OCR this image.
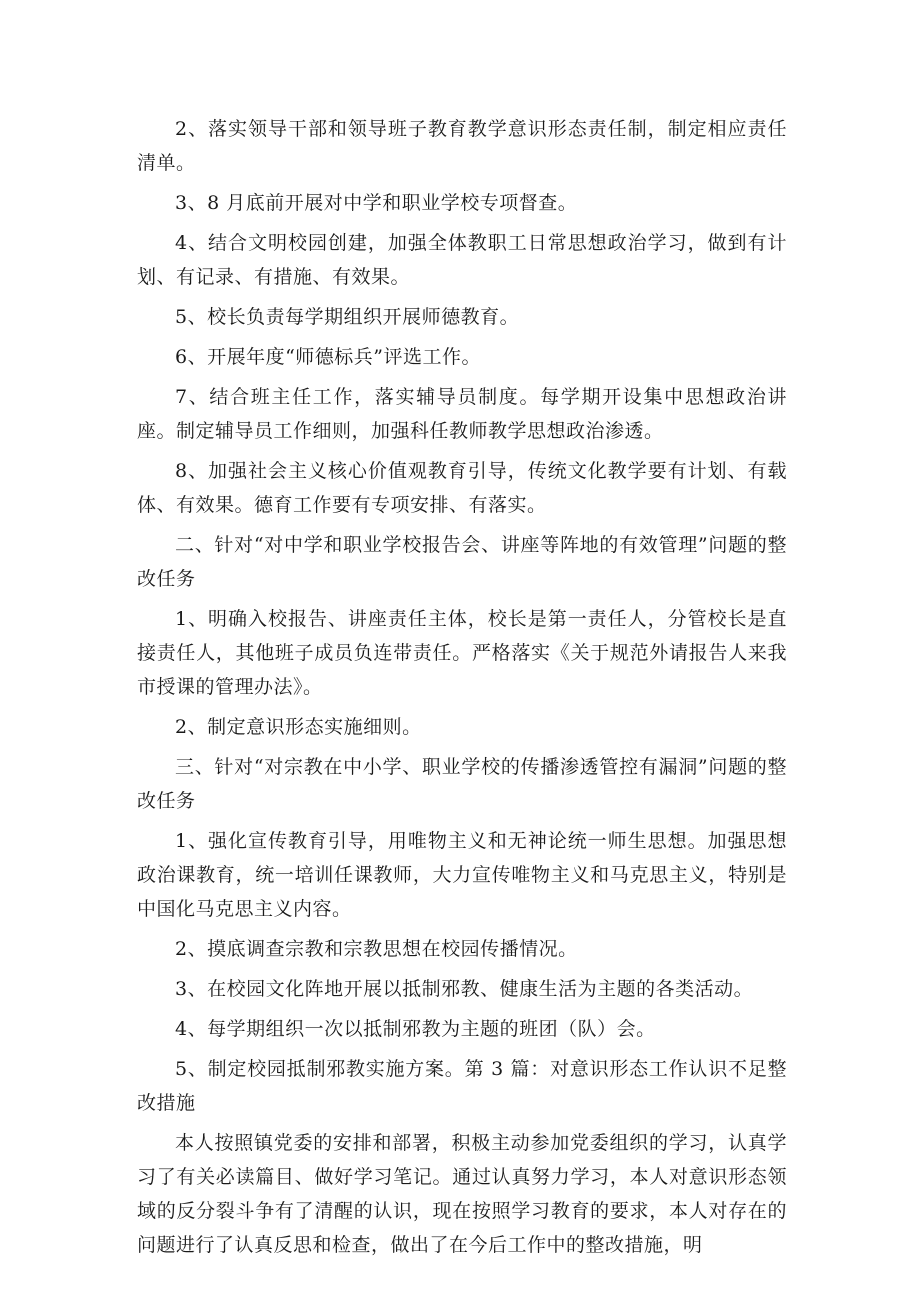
2、落实领导干部和领导班子教育教学意识形态责任制，制定相应责任清单。

3、8 月底前开展对中学和职业学校专项督查。

4、结合文明校园创建，加强全体教职工日常思想政治学习，做到有计划、有记录、有措施、有效果。

5、校长负责每学期组织开展师德教育。

6、开展年度“师德标兵”评选工作。

7、结合班主任工作，落实辅导员制度。每学期开设集中思想政治讲座。制定辅导员工作细则，加强科任教师教学思想政治渗透。

8、加强社会主义核心价值观教育引导，传统文化教学要有计划、有载体、有效果。德育工作要有专项安排、有落实。

二、针对“对中学和职业学校报告会、讲座等阵地的有效管理”问题的整改任务

1、明确入校报告、讲座责任主体，校长是第一责任人，分管校长是直接责任人，其他班子成员负连带责任。严格落实《关于规范外请报告人来我市授课的管理办法》。

2、制定意识形态实施细则。

三、针对“对宗教在中小学、职业学校的传播渗透管控有漏洞”问题的整改任务

1、强化宣传教育引导，用唯物主义和无神论统一师生思想。加强思想政治课教育，统一培训任课教师，大力宣传唯物主义和马克思主义，特别是中国化马克思主义内容。

2、摸底调查宗教和宗教思想在校园传播情况。

3、在校园文化阵地开展以抵制邪教、健康生活为主题的各类活动。

4、每学期组织一次以抵制邪教为主题的班团（队）会。

5、制定校园抵制邪教实施方案。第 3 篇：对意识形态工作认识不足整改措施

本人按照镇党委的安排和部署，积极主动参加党委组织的学习，认真学习了有关必读篇目、做好学习笔记。通过认真努力学习，本人对意识形态领域的反分裂斗争有了清醒的认识，现在按照学习教育的要求，本人对存在的问题进行了认真反思和检查，做出了在今后工作中的整改措施，明
